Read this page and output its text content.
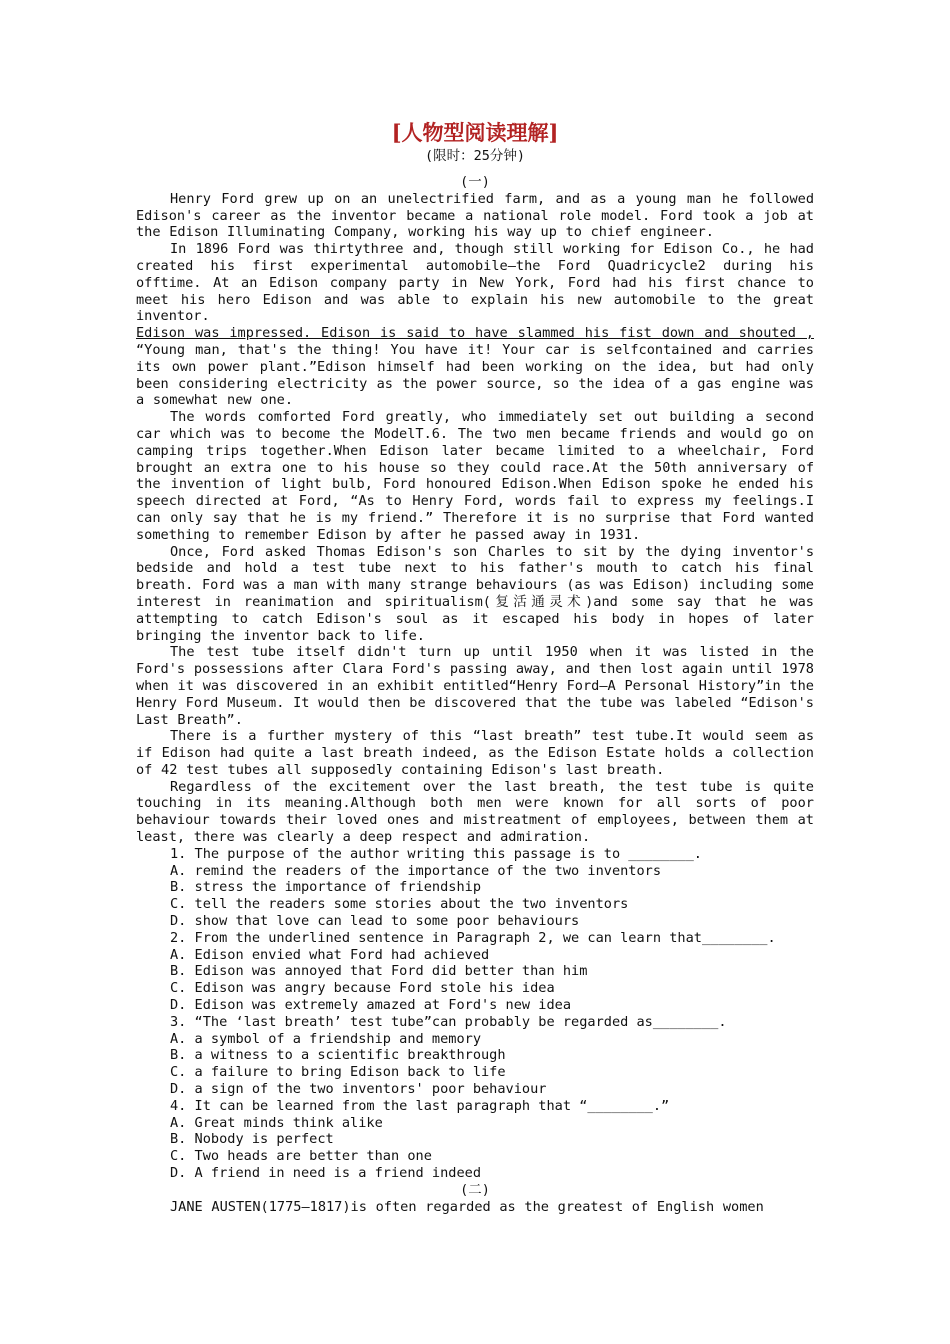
[人物型阅读理解]
(限时：25分钟)
(一)

Henry Ford grew up on an unelectrified farm, and as a young man he followed Edison's career as the inventor became a national role model. Ford took a job at the Edison Illuminating Company, working his way up to chief engineer.

In 1896 Ford was thirtythree and, though still working for Edison Co., he had created his first experimental automobile—the Ford Quadricycle2 during his offtime. At an Edison company party in New York, Ford had his first chance to meet his hero Edison and was able to explain his new automobile to the great inventor.

Edison was impressed. Edison is said to have slammed his fist down and shouted , “Young man, that's the thing! You have it! Your car is selfcontained and carries its own power plant.”Edison himself had been working on the idea, but had only been considering electricity as the power source, so the idea of a gas engine was a somewhat new one.

The words comforted Ford greatly, who immediately set out building a second car which was to become the ModelT.6. The two men became friends and would go on camping trips together.When Edison later became limited to a wheelchair, Ford brought an extra one to his house so they could race.At the 50th anniversary of the invention of light bulb, Ford honoured Edison.When Edison spoke he ended his speech directed at Ford, “As to Henry Ford, words fail to express my feelings.I can only say that he is my friend.” Therefore it is no surprise that Ford wanted something to remember Edison by after he passed away in 1931.

Once, Ford asked Thomas Edison's son Charles to sit by the dying inventor's bedside and hold a test tube next to his father's mouth to catch his final breath. Ford was a man with many strange behaviours (as was Edison) including some interest in reanimation and spiritualism(复活通灵术)and some say that he was attempting to catch Edison's soul as it escaped his body in hopes of later bringing the inventor back to life.

The test tube itself didn't turn up until 1950 when it was listed in the Ford's possessions after Clara Ford's passing away, and then lost again until 1978 when it was discovered in an exhibit entitled“Henry Ford—A Personal History”in the Henry Ford Museum. It would then be discovered that the tube was labeled “Edison's Last Breath”.

There is a further mystery of this “last breath” test tube.It would seem as if Edison had quite a last breath indeed, as the Edison Estate holds a collection of 42 test tubes all supposedly containing Edison's last breath.

Regardless of the excitement over the last breath, the test tube is quite touching in its meaning.Although both men were known for all sorts of poor behaviour towards their loved ones and mistreatment of employees, between them at least, there was clearly a deep respect and admiration.

1. The purpose of the author writing this passage is to ________.
A. remind the readers of the importance of the two inventors
B. stress the importance of friendship
C. tell the readers some stories about the two inventors
D. show that love can lead to some poor behaviours
2. From the underlined sentence in Paragraph 2, we can learn that________.
A. Edison envied what Ford had achieved
B. Edison was annoyed that Ford did better than him
C. Edison was angry because Ford stole his idea
D. Edison was extremely amazed at Ford's new idea
3. “The ‘last breath’ test tube”can probably be regarded as________.
A. a symbol of a friendship and memory
B. a witness to a scientific breakthrough
C. a failure to bring Edison back to life
D. a sign of the two inventors' poor behaviour
4. It can be learned from the last paragraph that “________.”
A. Great minds think alike
B. Nobody is perfect
C. Two heads are better than one
D. A friend in need is a friend indeed
(二)

JANE AUSTEN(1775—1817)is often regarded as the greatest of English women
